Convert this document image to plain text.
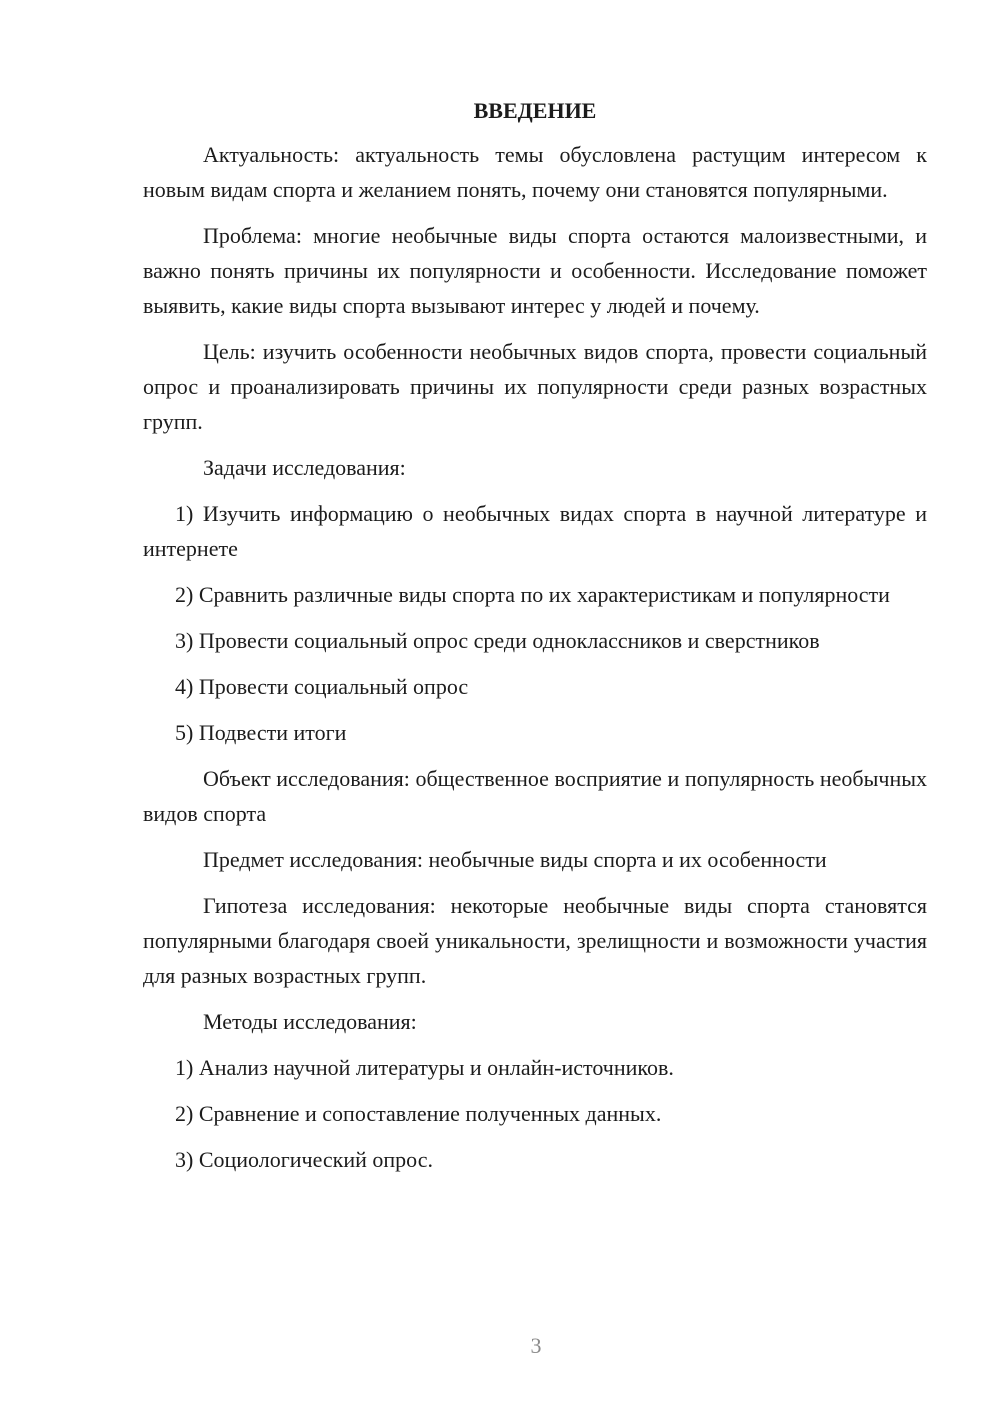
ВВЕДЕНИЕ

Актуальность: актуальность темы обусловлена растущим интересом к новым видам спорта и желанием понять, почему они становятся популярными.

Проблема: многие необычные виды спорта остаются малоизвестными, и важно понять причины их популярности и особенности. Исследование поможет выявить, какие виды спорта вызывают интерес у людей и почему.

Цель: изучить особенности необычных видов спорта, провести социальный опрос и проанализировать причины их популярности среди разных возрастных групп.

Задачи исследования:

1) Изучить информацию о необычных видах спорта в научной литературе и интернете

2) Сравнить различные виды спорта по их характеристикам и популярности

3) Провести социальный опрос среди одноклассников и сверстников

4) Провести социальный опрос

5) Подвести итоги

Объект исследования: общественное восприятие и популярность необычных видов спорта

Предмет исследования: необычные виды спорта и их особенности

Гипотеза исследования: некоторые необычные виды спорта становятся популярными благодаря своей уникальности, зрелищности и возможности участия для разных возрастных групп.

Методы исследования:

1) Анализ научной литературы и онлайн-источников.

2) Сравнение и сопоставление полученных данных.

3) Социологический опрос.

3
